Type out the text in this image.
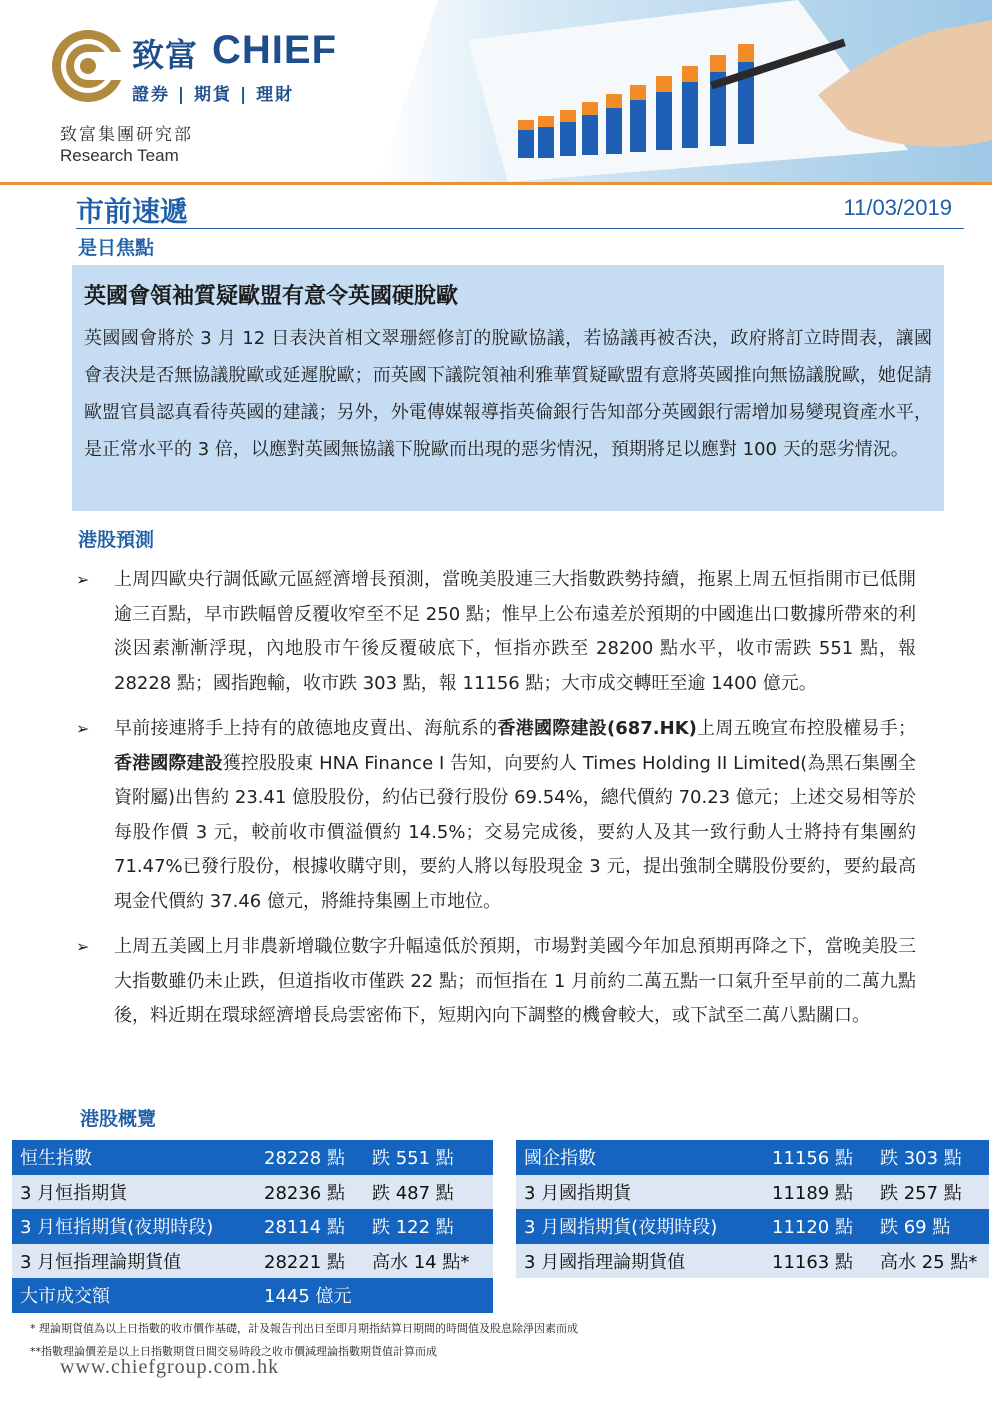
致富 CHIEF
證券 | 期貨 | 理財
致富集團研究部
Research Team
市前速遞	11/03/2019
是日焦點
英國會領袖質疑歐盟有意令英國硬脫歐
英國國會將於 3 月 12 日表決首相文翠珊經修訂的脫歐協議，若協議再被否決，政府將訂立時間表，讓國會表決是否無協議脫歐或延遲脫歐；而英國下議院領袖利雅華質疑歐盟有意將英國推向無協議脫歐，她促請歐盟官員認真看待英國的建議；另外，外電傳媒報導指英倫銀行告知部分英國銀行需增加易變現資產水平，是正常水平的 3 倍，以應對英國無協議下脫歐而出現的惡劣情況，預期將足以應對 100 天的惡劣情況。
港股預測
➢ 上周四歐央行調低歐元區經濟增長預測，當晚美股連三大指數跌勢持續，拖累上周五恒指開市已低開逾三百點，早市跌幅曾反覆收窄至不足 250 點；惟早上公布遠差於預期的中國進出口數據所帶來的利淡因素漸漸浮現，內地股市午後反覆破底下，恒指亦跌至 28200 點水平，收市需跌 551 點，報 28228 點；國指跑輸，收市跌 303 點，報 11156 點；大市成交轉旺至逾 1400 億元。
➢ 早前接連將手上持有的啟德地皮賣出、海航系的香港國際建設(687.HK)上周五晚宣布控股權易手；香港國際建設獲控股股東 HNA Finance I 告知，向要約人 Times Holding II Limited(為黑石集團全資附屬)出售約 23.41 億股股份，約佔已發行股份 69.54%，總代價約 70.23 億元；上述交易相等於每股作價 3 元，較前收市價溢價約 14.5%；交易完成後，要約人及其一致行動人士將持有集團約 71.47%已發行股份，根據收購守則，要約人將以每股現金 3 元，提出強制全購股份要約，要約最高現金代價約 37.46 億元，將維持集團上市地位。
➢ 上周五美國上月非農新增職位數字升幅遠低於預期，市場對美國今年加息預期再降之下，當晚美股三大指數雖仍未止跌，但道指收市僅跌 22 點；而恒指在 1 月前約二萬五點一口氣升至早前的二萬九點後，料近期在環球經濟增長烏雲密佈下，短期內向下調整的機會較大，或下試至二萬八點關口。
港股概覽
恒生指數	28228 點	跌 551 點
3 月恒指期貨	28236 點	跌 487 點
3 月恒指期貨(夜期時段)	28114 點	跌 122 點
3 月恒指理論期貨值	28221 點	高水 14 點*
大市成交額	1445 億元	
國企指數	11156 點	跌 303 點
3 月國指期貨	11189 點	跌 257 點
3 月國指期貨(夜期時段)	11120 點	跌 69 點
3 月國指理論期貨值	11163 點	高水 25 點*
* 理論期貨值為以上日指數的收市價作基礎，計及報告刊出日至即月期指結算日期間的時間值及股息除淨因素而成
**指數理論價差是以上日指數期貨日間交易時段之收市價減理論指數期貨值計算而成
www.chiefgroup.com.hk
